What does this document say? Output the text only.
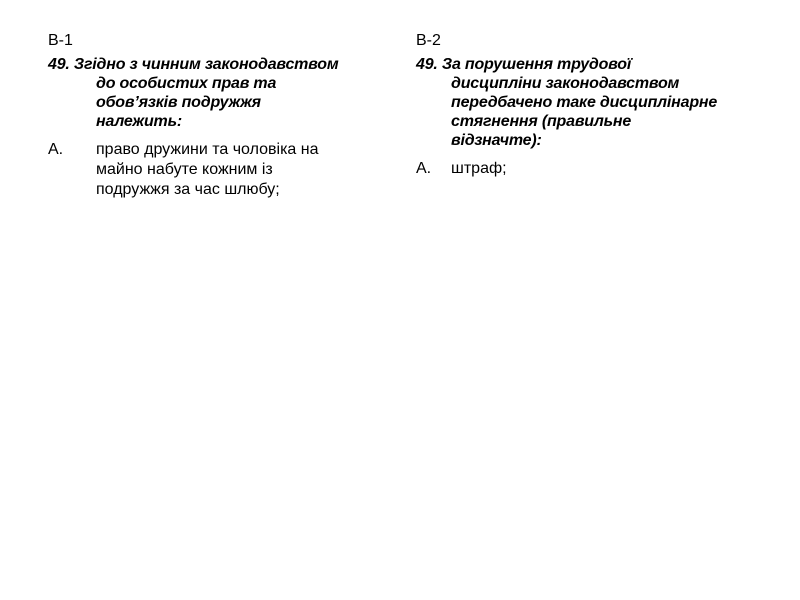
В-1
49. Згідно з чинним законодавством
до особистих прав та
обов’язків подружжя
належить:
А.	право дружини та чоловіка на
майно набуте кожним із
подружжя за час шлюбу;
В-2
49. За порушення трудової
дисципліни законодавством
передбачено таке дисциплінарне
стягнення (правильне
відзначте):
А.	штраф;
